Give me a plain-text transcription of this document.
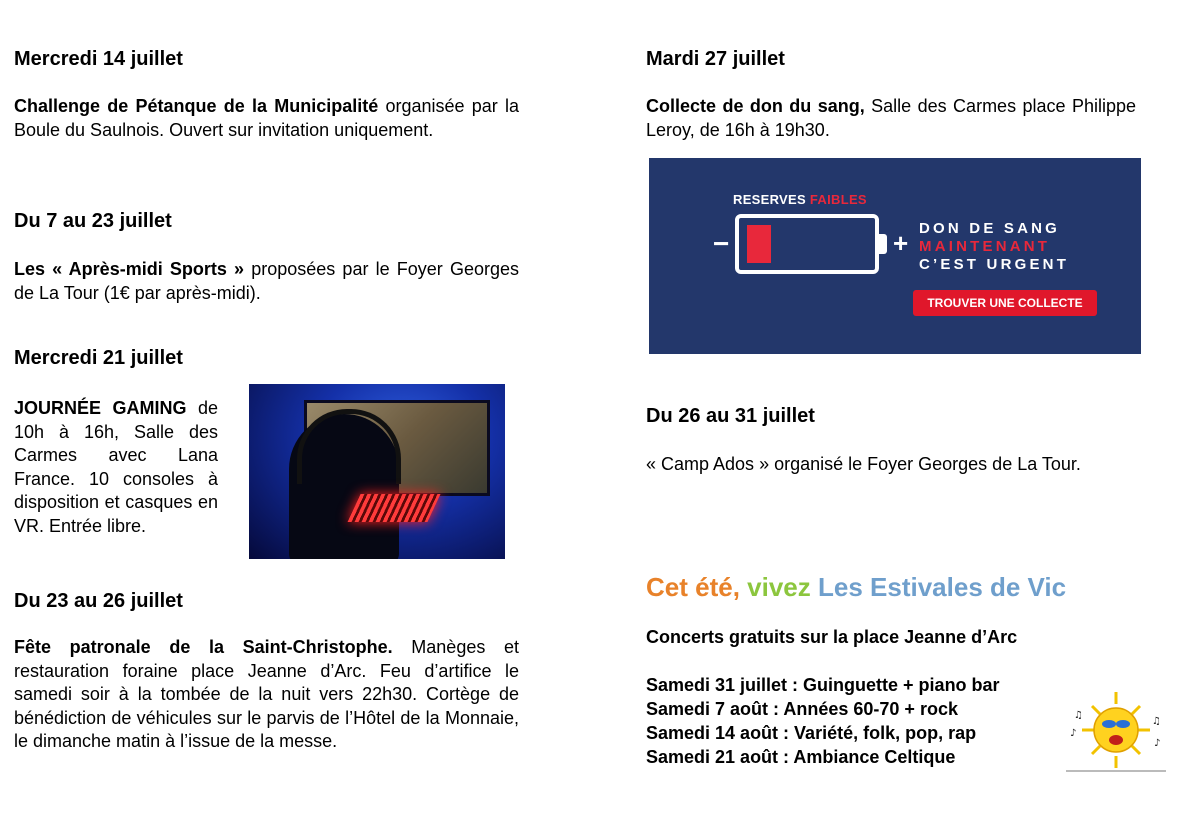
Mercredi 14 juillet
Challenge de Pétanque de la Municipalité organisée par la Boule du Saulnois. Ouvert sur invitation uniquement.
Du 7 au 23 juillet
Les « Après-midi Sports » proposées par le Foyer Georges de La Tour (1€ par après-midi).
Mercredi 21 juillet
JOURNÉE GAMING de 10h à 16h, Salle des Carmes avec Lana France. 10 consoles à disposition et casques en VR. Entrée libre.
Du 23 au 26 juillet
Fête patronale de la Saint-Christophe. Manèges et restauration foraine place Jeanne d’Arc. Feu d’artifice le samedi soir à la tombée de la nuit vers 22h30. Cortège de bénédiction de véhicules sur le parvis de l’Hôtel de la Monnaie, le dimanche matin à l’issue de la messe.
Mardi 27 juillet
Collecte de don du sang, Salle des Carmes place Philippe Leroy, de 16h à 19h30.
RESERVES FAIBLES
−	+ DON DE SANG
MAINTENANT
C’EST URGENT
TROUVER UNE COLLECTE
Du 26 au 31 juillet
« Camp Ados » organisé le Foyer Georges de La Tour.
Cet été, vivez Les Estivales de Vic
Concerts gratuits sur la place Jeanne d’Arc
Samedi 31 juillet : Guinguette + piano bar
Samedi 7 août : Années 60-70 + rock
Samedi 14 août : Variété, folk, pop, rap
Samedi 21 août : Ambiance Celtique
♪
♫
♪
♫
